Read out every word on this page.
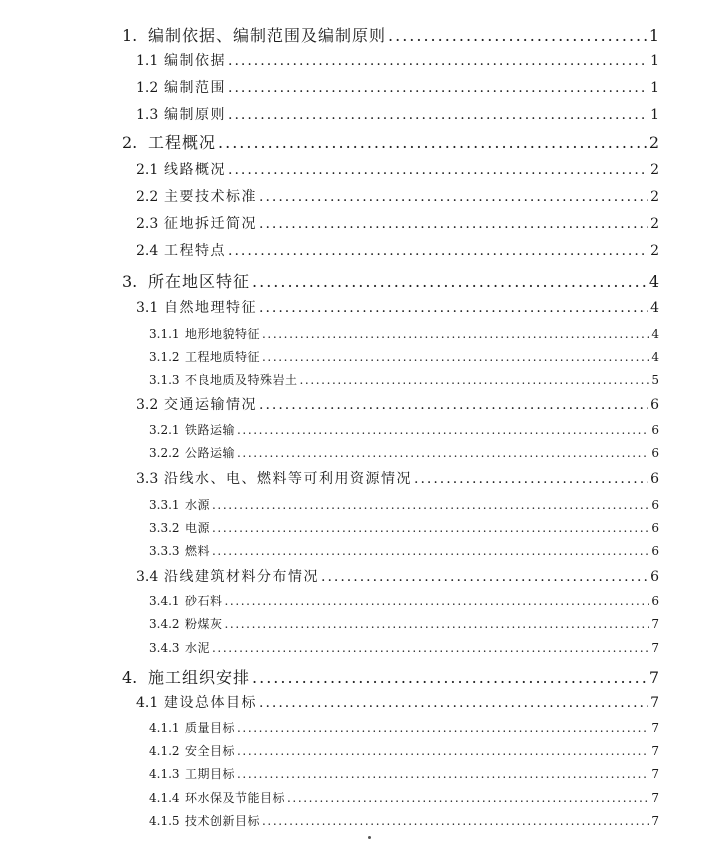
1. 编制依据、编制范围及编制原则 .....	1
1.1 编制依据 .....	1
1.2 编制范围 .....	1
1.3 编制原则 .....	1
2. 工程概况 .....	2
2.1 线路概况 .....	2
2.2 主要技术标准 .....	2
2.3 征地拆迁简况 .....	2
2.4 工程特点 .....	2
3. 所在地区特征 .....	4
3.1 自然地理特征 .....	4
3.1.1 地形地貌特征 .....	4
3.1.2 工程地质特征 .....	4
3.1.3 不良地质及特殊岩土 .....	5
3.2 交通运输情况 .....	6
3.2.1 铁路运输 .....	6
3.2.2 公路运输 .....	6
3.3 沿线水、电、燃料等可利用资源情况 .....	6
3.3.1 水源 .....	6
3.3.2 电源 .....	6
3.3.3 燃料 .....	6
3.4 沿线建筑材料分布情况 .....	6
3.4.1 砂石料 .....	6
3.4.2 粉煤灰 .....	7
3.4.3 水泥 .....	7
4. 施工组织安排 .....	7
4.1 建设总体目标 .....	7
4.1.1 质量目标 .....	7
4.1.2 安全目标 .....	7
4.1.3 工期目标 .....	7
4.1.4 环水保及节能目标 .....	7
4.1.5 技术创新目标 .....	7
